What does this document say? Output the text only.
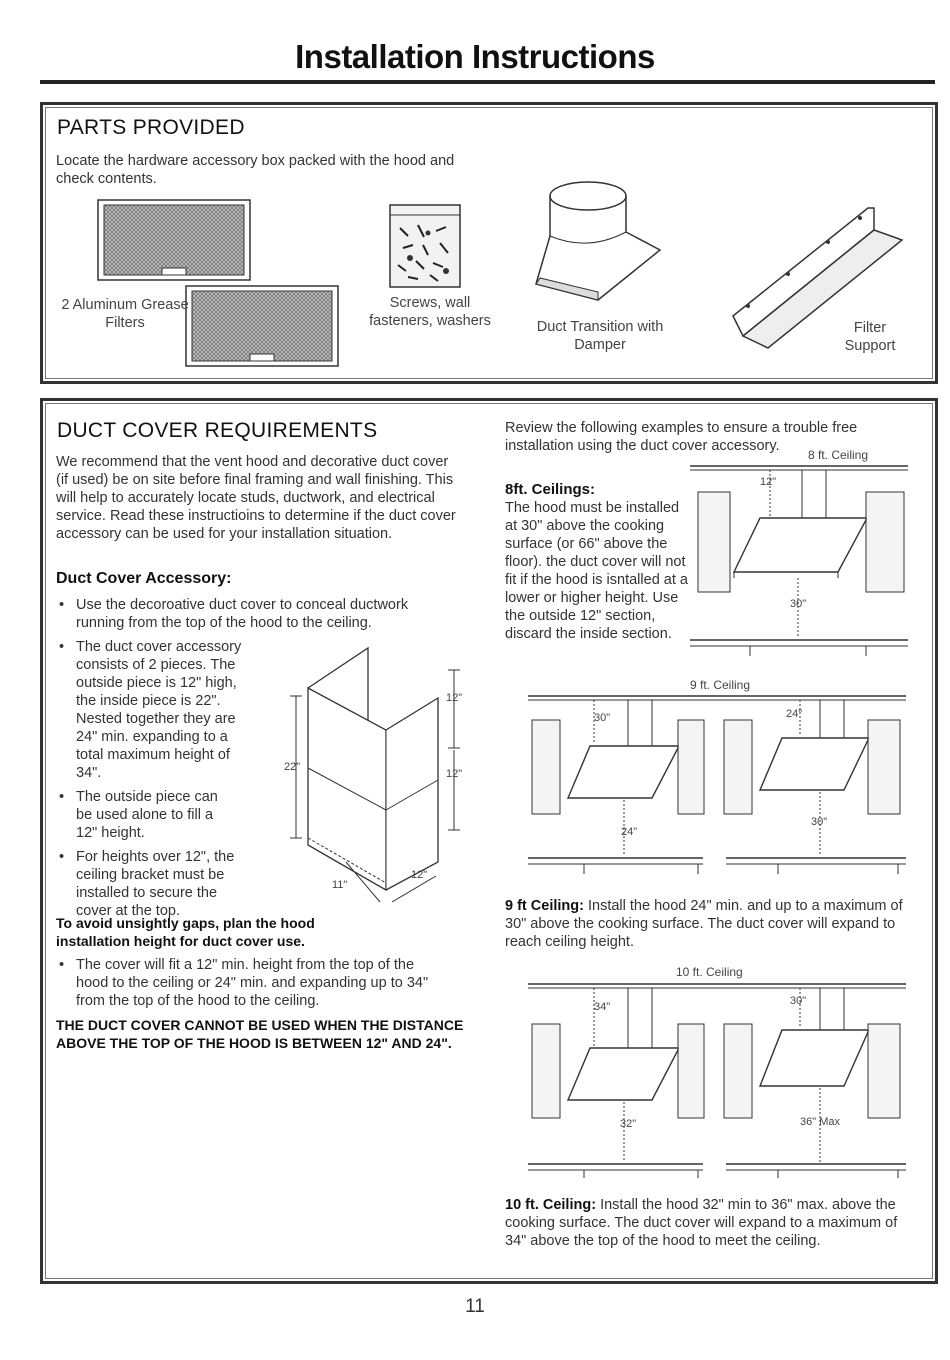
Installation Instructions
PARTS PROVIDED
Locate the hardware accessory box packed with the hood and check contents.
2 Aluminum Grease Filters
Screws, wall fasteners, washers	Duct Transition with Damper
Filter Support
DUCT COVER REQUIREMENTS
We recommend that the vent hood and decorative duct cover (if used) be on site before final framing and wall finishing. This will help to accurately locate studs, ductwork, and electrical service. Read these instructioins to determine if the duct cover accessory can be used for your installation situation.
Duct Cover Accessory:
• Use the decoroative duct cover to conceal ductwork running from the top of the hood to the ceiling.
• The duct cover accessory consists of 2 pieces. The outside piece is 12" high, the inside piece is 22". Nested together they are 24" min. expanding to a total maximum height of 34".
• The outside piece can be used alone to fill a 12" height.
• For heights over 12", the ceiling bracket must be installed to secure the cover at the top.
12"
12"
22"
11"
12"
To avoid unsightly gaps, plan the hood installation height for duct cover use.
• The cover will fit a 12" min. height from the top of the hood to the ceiling or 24" min. and expanding up to 34" from the top of the hood to the ceiling.
THE DUCT COVER CANNOT BE USED WHEN THE DISTANCE ABOVE THE TOP OF THE HOOD IS BETWEEN 12" AND 24".
Review the following examples to ensure a trouble free installation using the duct cover accessory.
8 ft. Ceiling
12"
30"
8ft. Ceilings:
The hood must be installed at 30" above the cooking surface (or 66" above the floor). the duct cover will not fit if the hood is isntalled at a lower or higher height. Use the outside 12" section, discard the inside section.
9 ft. Ceiling
30"
24"
24"
30"
9 ft Ceiling: Install the hood 24" min. and up to a maximum of 30" above the cooking surface. The duct cover will expand to reach ceiling height.
10 ft. Ceiling
34"
32"
30"
36" Max
10 ft. Ceiling: Install the hood 32" min to 36" max. above the cooking surface. The duct cover will expand to a maximum of 34" above the top of the hood to meet the ceiling.
11
